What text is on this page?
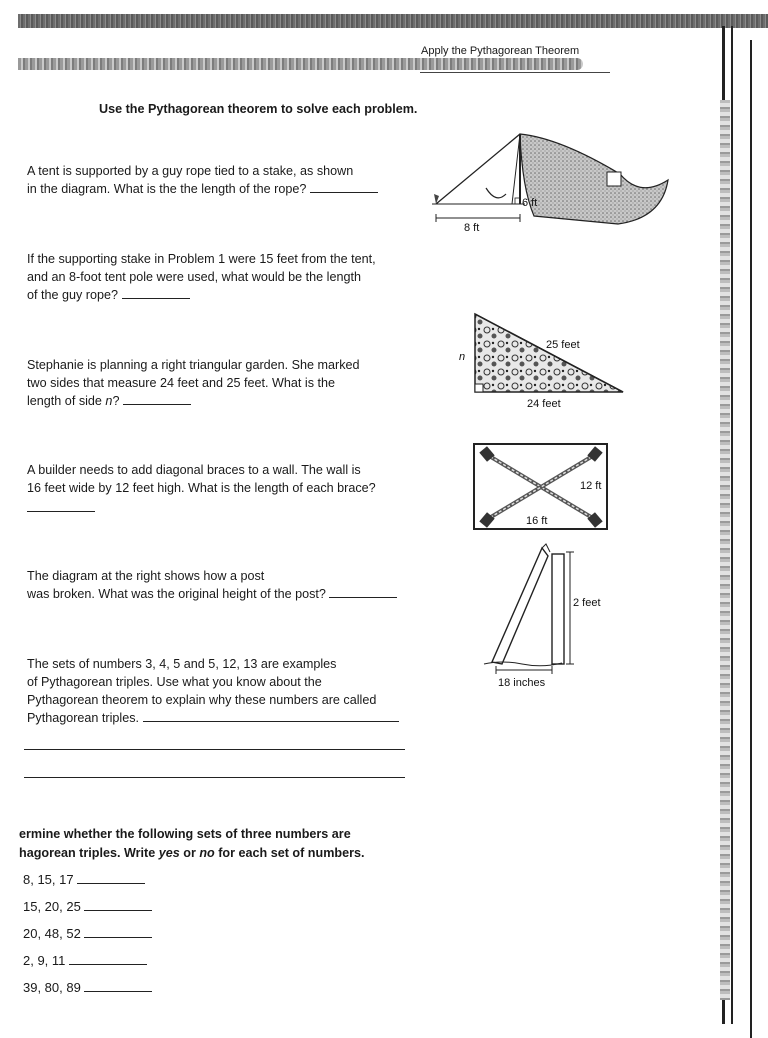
Apply the Pythagorean Theorem
Use the Pythagorean theorem to solve each problem.
A tent is supported by a guy rope tied to a stake, as shown
in the diagram. What is the the length of the rope?
If the supporting stake in Problem 1 were 15 feet from the tent,
and an 8-foot tent pole were used, what would be the length
of the guy rope?
Stephanie is planning a right triangular garden. She marked
two sides that measure 24 feet and 25 feet. What is the
length of side n?
A builder needs to add diagonal braces to a wall. The wall is
16 feet wide by 12 feet high. What is the length of each brace?
The diagram at the right shows how a post
was broken. What was the original height of the post?
The sets of numbers 3, 4, 5 and 5, 12, 13 are examples
of Pythagorean triples. Use what you know about the
Pythagorean theorem to explain why these numbers are called
Pythagorean triples.
ermine whether the following sets of three numbers are
hagorean triples. Write yes or no for each set of numbers.
8, 15, 17
15, 20, 25
20, 48, 52
2, 9, 11
39, 80, 89
8 ft
6 ft
25 feet
24 feet
n
12 ft
16 ft
2 feet
18 inches
